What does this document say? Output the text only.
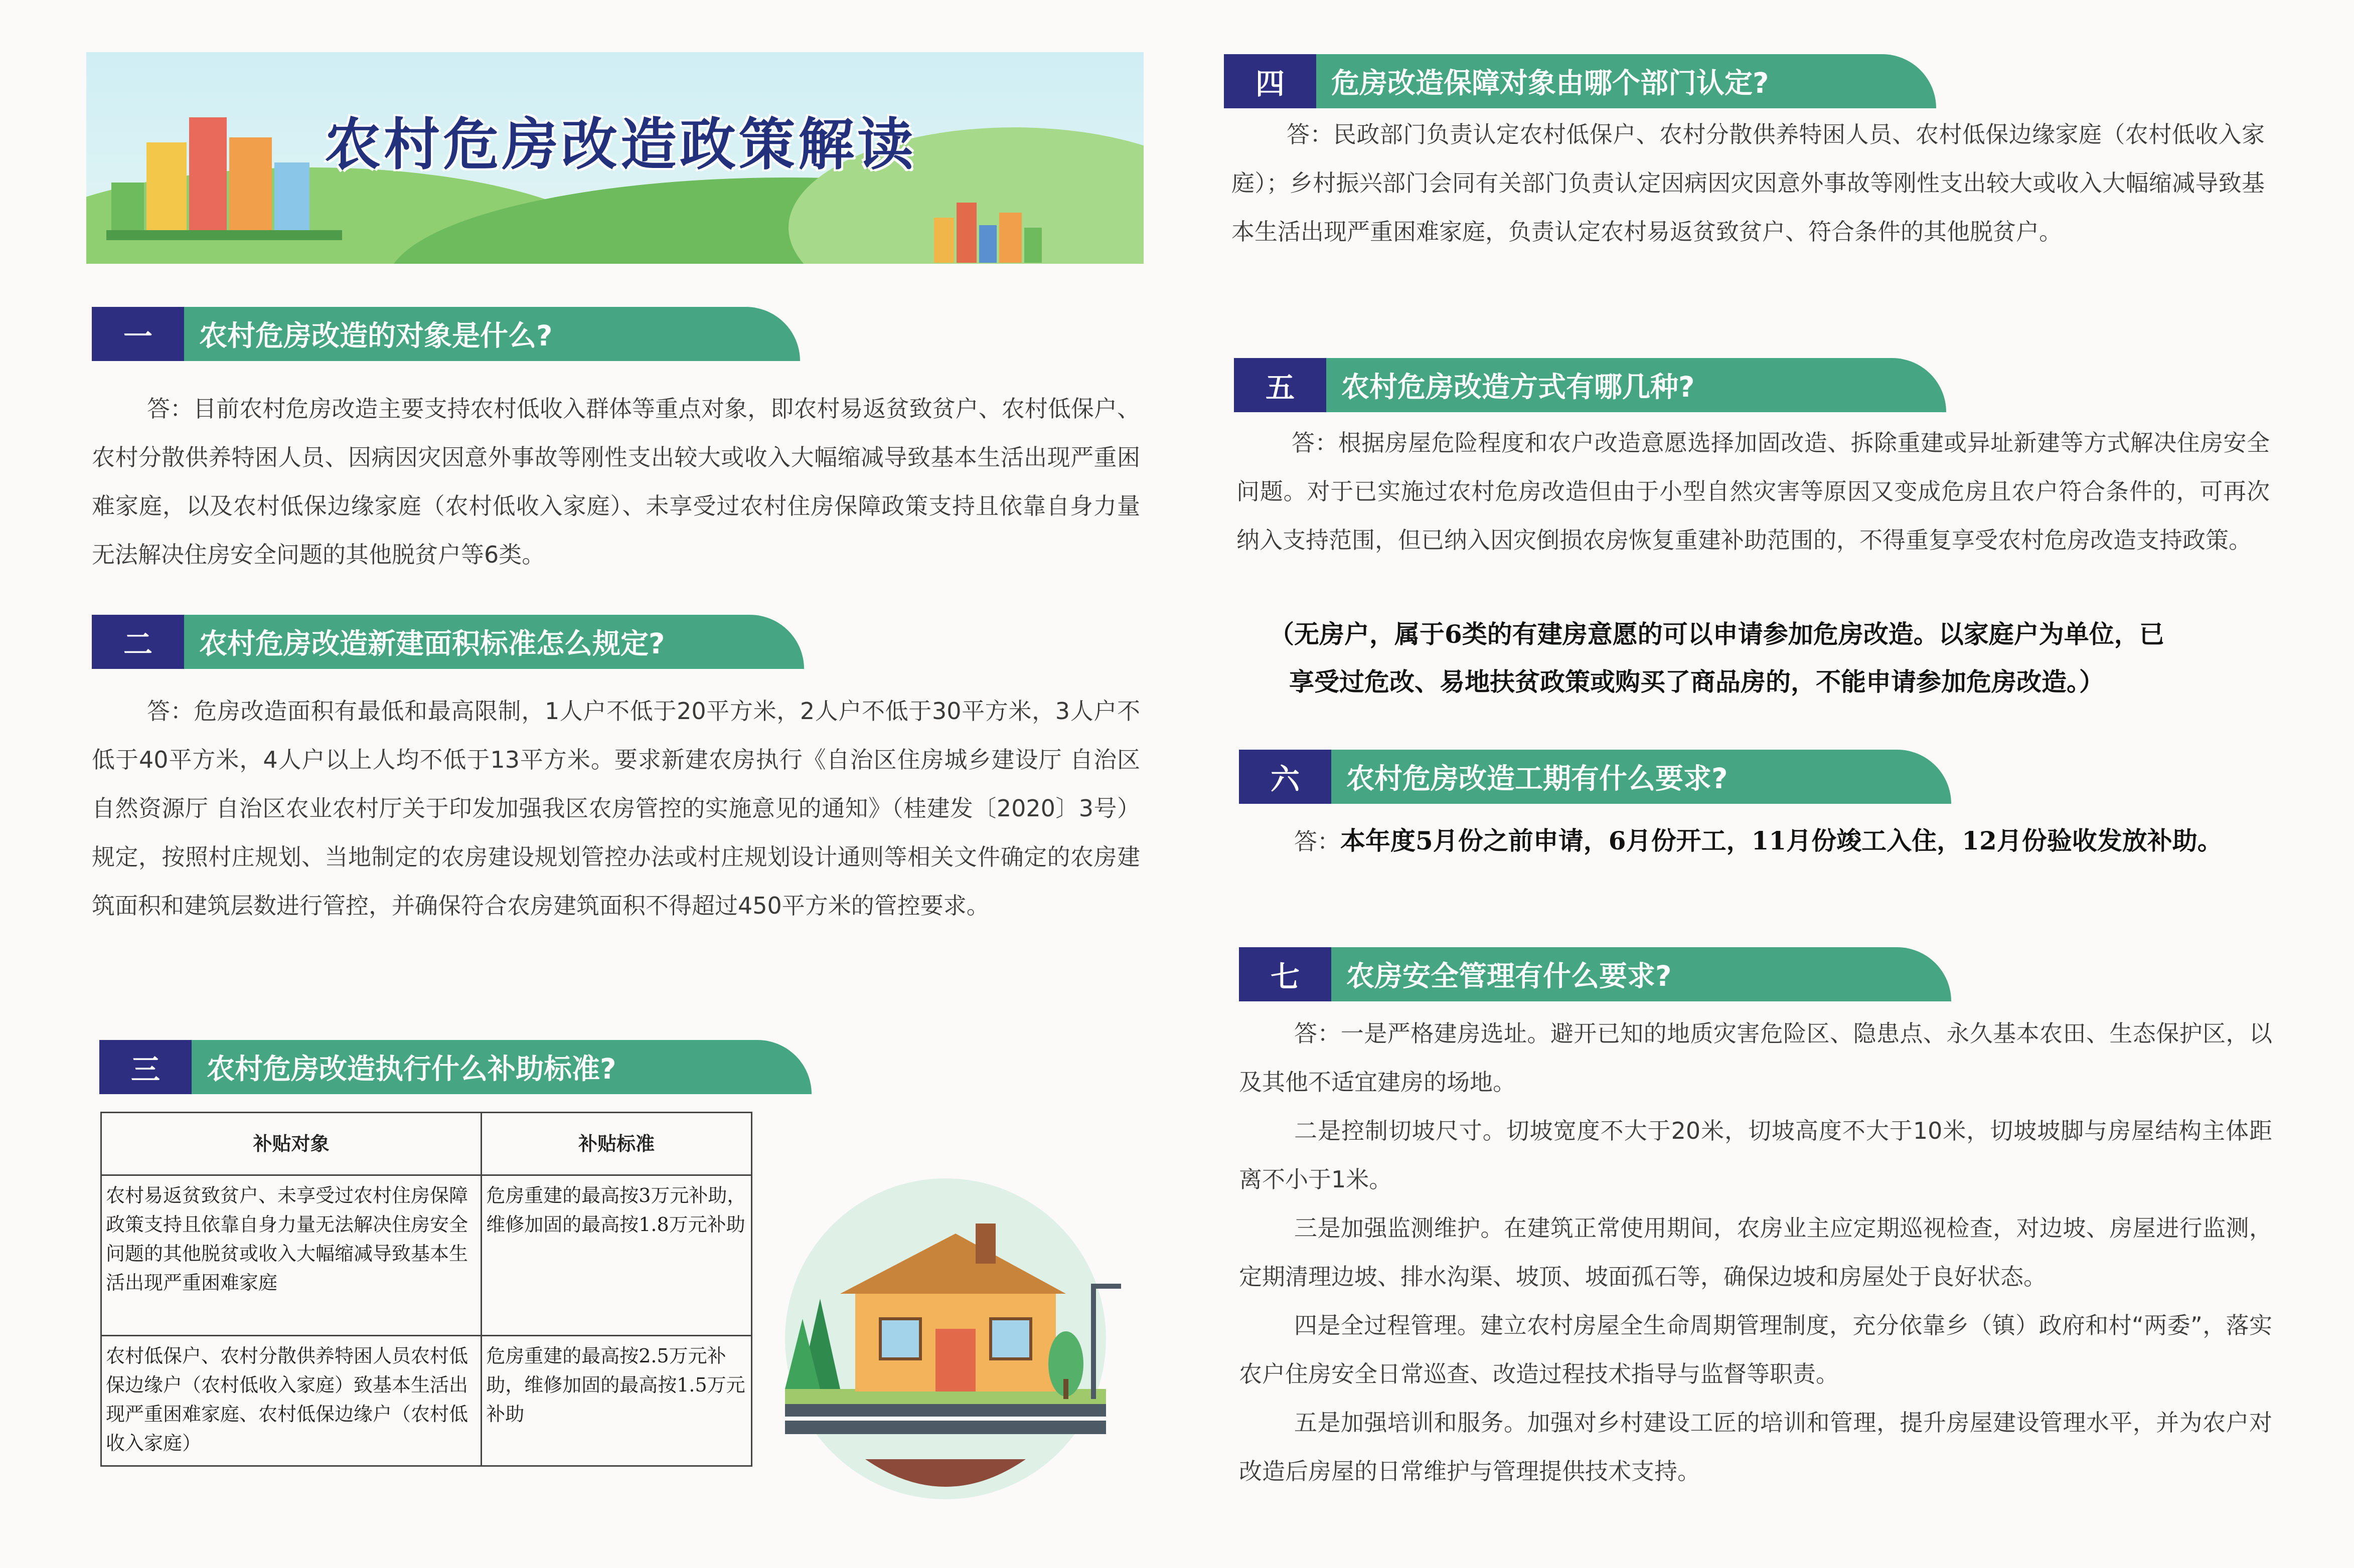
农村危房改造政策解读
一	农村危房改造的对象是什么?
答：目前农村危房改造主要支持农村低收入群体等重点对象，即农村易返贫致贫户、农村低保户、农村分散供养特困人员、因病因灾因意外事故等刚性支出较大或收入大幅缩减导致基本生活出现严重困难家庭，以及农村低保边缘家庭（农村低收入家庭）、未享受过农村住房保障政策支持且依靠自身力量无法解决住房安全问题的其他脱贫户等6类。
二	农村危房改造新建面积标准怎么规定?
答：危房改造面积有最低和最高限制，1人户不低于20平方米，2人户不低于30平方米，3人户不低于40平方米，4人户以上人均不低于13平方米。要求新建农房执行《自治区住房城乡建设厅 自治区自然资源厅 自治区农业农村厅关于印发加强我区农房管控的实施意见的通知》（桂建发〔2020〕3号）规定，按照村庄规划、当地制定的农房建设规划管控办法或村庄规划设计通则等相关文件确定的农房建筑面积和建筑层数进行管控，并确保符合农房建筑面积不得超过450平方米的管控要求。
三	农村危房改造执行什么补助标准?
补贴对象	补贴标准
农村易返贫致贫户、未享受过农村住房保障政策支持且依靠自身力量无法解决住房安全问题的其他脱贫或收入大幅缩减导致基本生活出现严重困难家庭	危房重建的最高按3万元补助，维修加固的最高按1.8万元补助
农村低保户、农村分散供养特困人员农村低保边缘户（农村低收入家庭）致基本生活出现严重困难家庭、农村低保边缘户（农村低收入家庭）	危房重建的最高按2.5万元补助，维修加固的最高按1.5万元补助
四	危房改造保障对象由哪个部门认定?
答：民政部门负责认定农村低保户、农村分散供养特困人员、农村低保边缘家庭（农村低收入家庭）；乡村振兴部门会同有关部门负责认定因病因灾因意外事故等刚性支出较大或收入大幅缩减导致基本生活出现严重困难家庭，负责认定农村易返贫致贫户、符合条件的其他脱贫户。
五	农村危房改造方式有哪几种?
答：根据房屋危险程度和农户改造意愿选择加固改造、拆除重建或异址新建等方式解决住房安全问题。对于已实施过农村危房改造但由于小型自然灾害等原因又变成危房且农户符合条件的，可再次纳入支持范围，但已纳入因灾倒损农房恢复重建补助范围的，不得重复享受农村危房改造支持政策。
（无房户，属于6类的有建房意愿的可以申请参加危房改造。以家庭户为单位，已
享受过危改、易地扶贫政策或购买了商品房的，不能申请参加危房改造。）
六	农村危房改造工期有什么要求?
答：本年度5月份之前申请，6月份开工，11月份竣工入住，12月份验收发放补助。
七	农房安全管理有什么要求?
答：一是严格建房选址。避开已知的地质灾害危险区、隐患点、永久基本农田、生态保护区，以及其他不适宜建房的场地。
二是控制切坡尺寸。切坡宽度不大于20米，切坡高度不大于10米，切坡坡脚与房屋结构主体距离不小于1米。
三是加强监测维护。在建筑正常使用期间，农房业主应定期巡视检查，对边坡、房屋进行监测，定期清理边坡、排水沟渠、坡顶、坡面孤石等，确保边坡和房屋处于良好状态。
四是全过程管理。建立农村房屋全生命周期管理制度，充分依靠乡（镇）政府和村“两委”，落实农户住房安全日常巡查、改造过程技术指导与监督等职责。
五是加强培训和服务。加强对乡村建设工匠的培训和管理，提升房屋建设管理水平，并为农户对改造后房屋的日常维护与管理提供技术支持。
